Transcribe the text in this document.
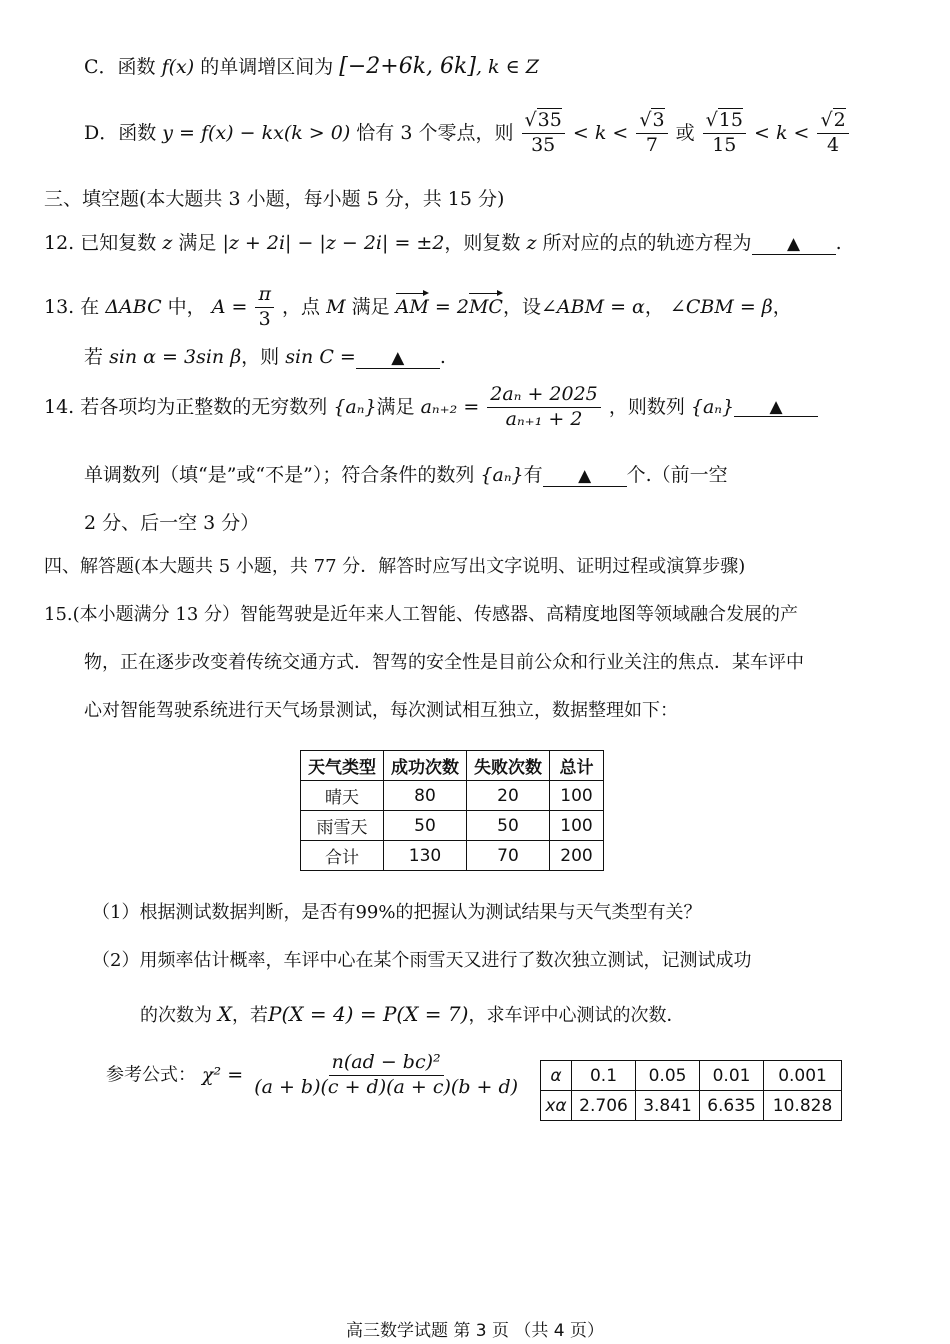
C．函数 f(x) 的单调增区间为 [−2+6k, 6k], k ∈ Z
D．函数 y = f(x) − kx(k > 0) 恰有 3 个零点，则 $\frac{√35}{35} < k < \frac{√3}{7}$ 或 $\frac{√15}{15} < k < \frac{√2}{4}$
三、填空题(本大题共 3 小题，每小题 5 分，共 15 分)
12. 已知复数 z 满足 |z + 2i| − |z − 2i| = ±2，则复数 z 所对应的点的轨迹方程为 ▲ .
13. 在 ΔABC 中， $A = \frac{\pi}{3}$ ，点 M 满足 AM = 2MC，设∠ABM = α， ∠CBM = β，
若 sin α = 3sin β，则 sin C = ▲ .
14. 若各项均为正整数的无穷数列 {aₙ}满足 $a_{n+2} = \frac{\text{2aₙ + 2025}}{\text{aₙ₊₁ + 2}}$ ，则数列 {aₙ} ▲
单调数列（填“是”或“不是”）；符合条件的数列 {aₙ}有 ▲ 个.（前一空
2 分、后一空 3 分）
四、解答题(本大题共 5 小题，共 77 分．解答时应写出文字说明、证明过程或演算步骤)
15.(本小题满分 13 分）智能驾驶是近年来人工智能、传感器、高精度地图等领域融合发展的产
物，正在逐步改变着传统交通方式．智驾的安全性是目前公众和行业关注的焦点．某车评中
心对智能驾驶系统进行天气场景测试，每次测试相互独立，数据整理如下：
天气类型	成功次数	失败次数	总计
晴天	80	20	100
雨雪天	50	50	100
合计	130	70	200
（1）根据测试数据判断，是否有99%的把握认为测试结果与天气类型有关？
（2）用频率估计概率，车评中心在某个雨雪天又进行了数次独立测试，记测试成功
的次数为 X，若P(X = 4) = P(X = 7)，求车评中心测试的次数．
参考公式： $\chi^2 = \frac{\text{n(ad − bc)²}}{(a + b)(c + d)(a + c)(b + d)}$ α	0.1	0.05	0.01	0.001
xα	2.706	3.841	6.635	10.828
高三数学试题 第 3 页 （共 4 页）
